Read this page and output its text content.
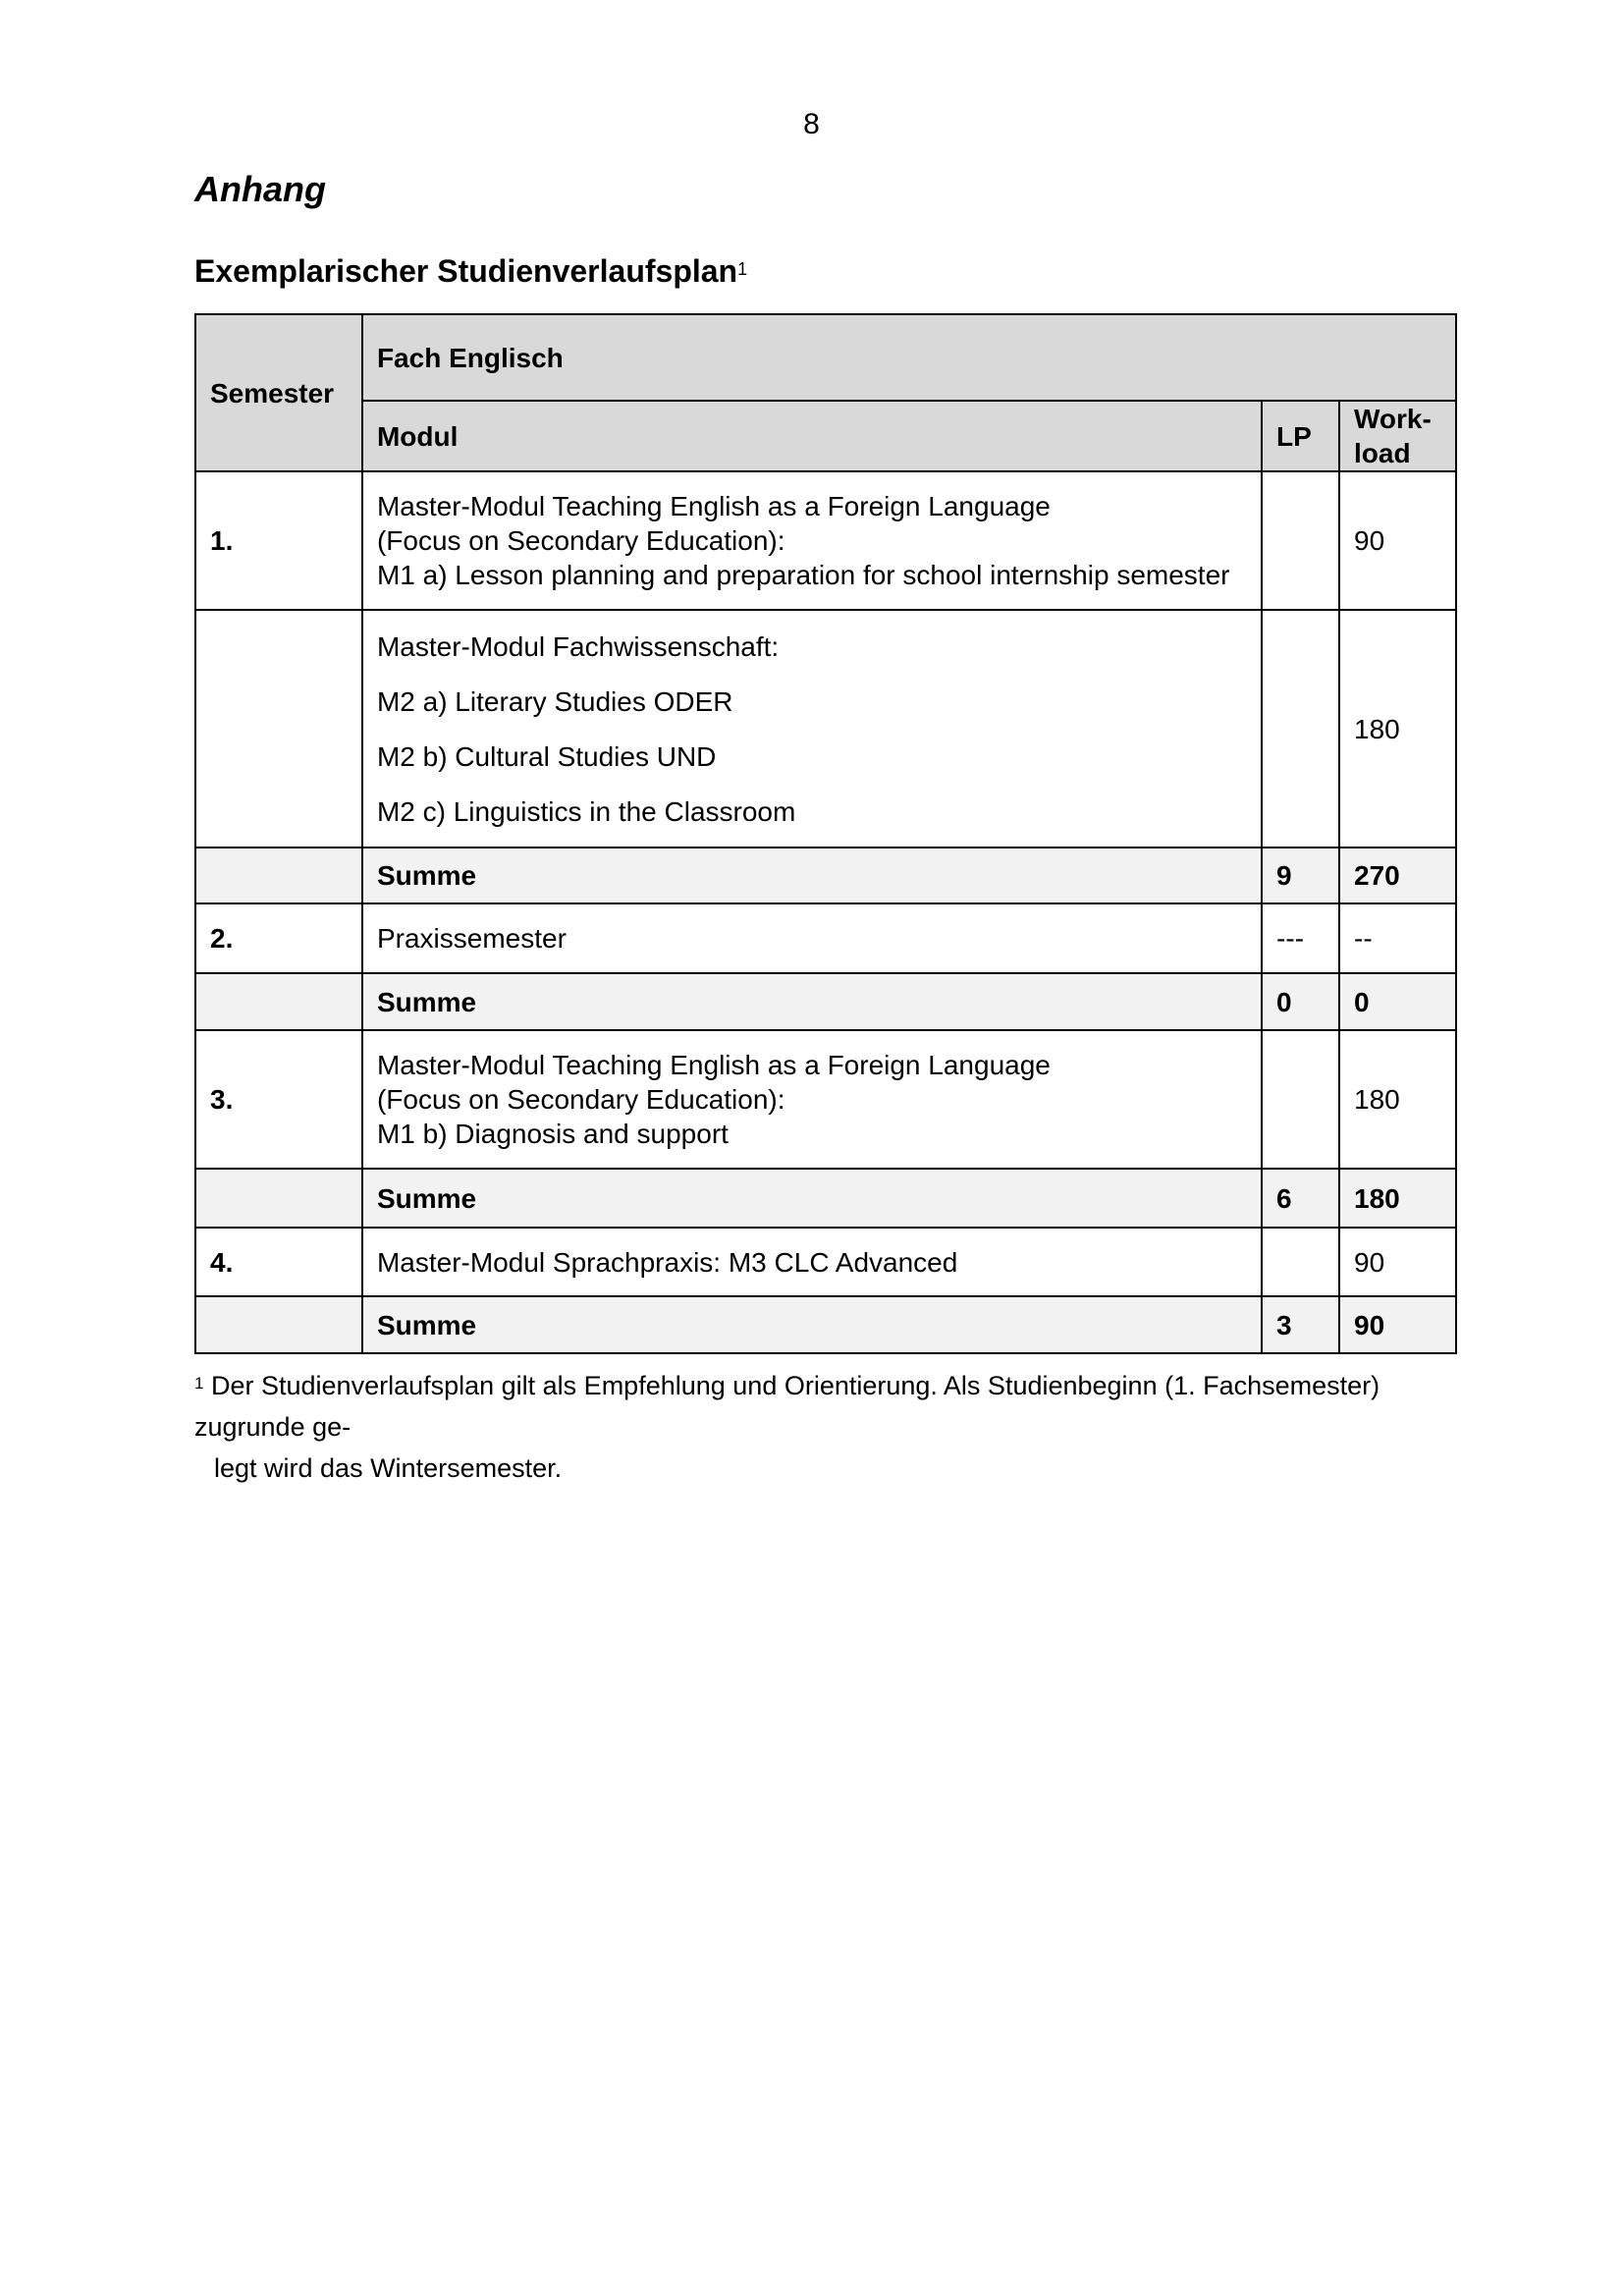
8
Anhang
Exemplarischer Studienverlaufsplan$^1$
Semester	Fach Englisch		
	Modul	LP	Work-
load

1.	Master-Modul Teaching English as a Foreign Language
(Focus on Secondary Education):
M1 a) Lesson planning and preparation for school internship semester		90

	Master-Modul Fachwissenschaft:
M2 a) Literary Studies ODER
M2 b) Cultural Studies UND
M2 c) Linguistics in the Classroom		180
	Summe	9	270
2.	Praxissemester	---	--
	Summe	0	0
3.	Master-Modul Teaching English as a Foreign Language
(Focus on Secondary Education):
M1 b) Diagnosis and support		180
	Summe	6	180
4.	Master-Modul Sprachpraxis: M3 CLC Advanced		90
	Summe	3	90
$^1$ Der Studienverlaufsplan gilt als Empfehlung und Orientierung. Als Studienbeginn (1. Fachsemester) zugrunde ge-
legt wird das Wintersemester.
